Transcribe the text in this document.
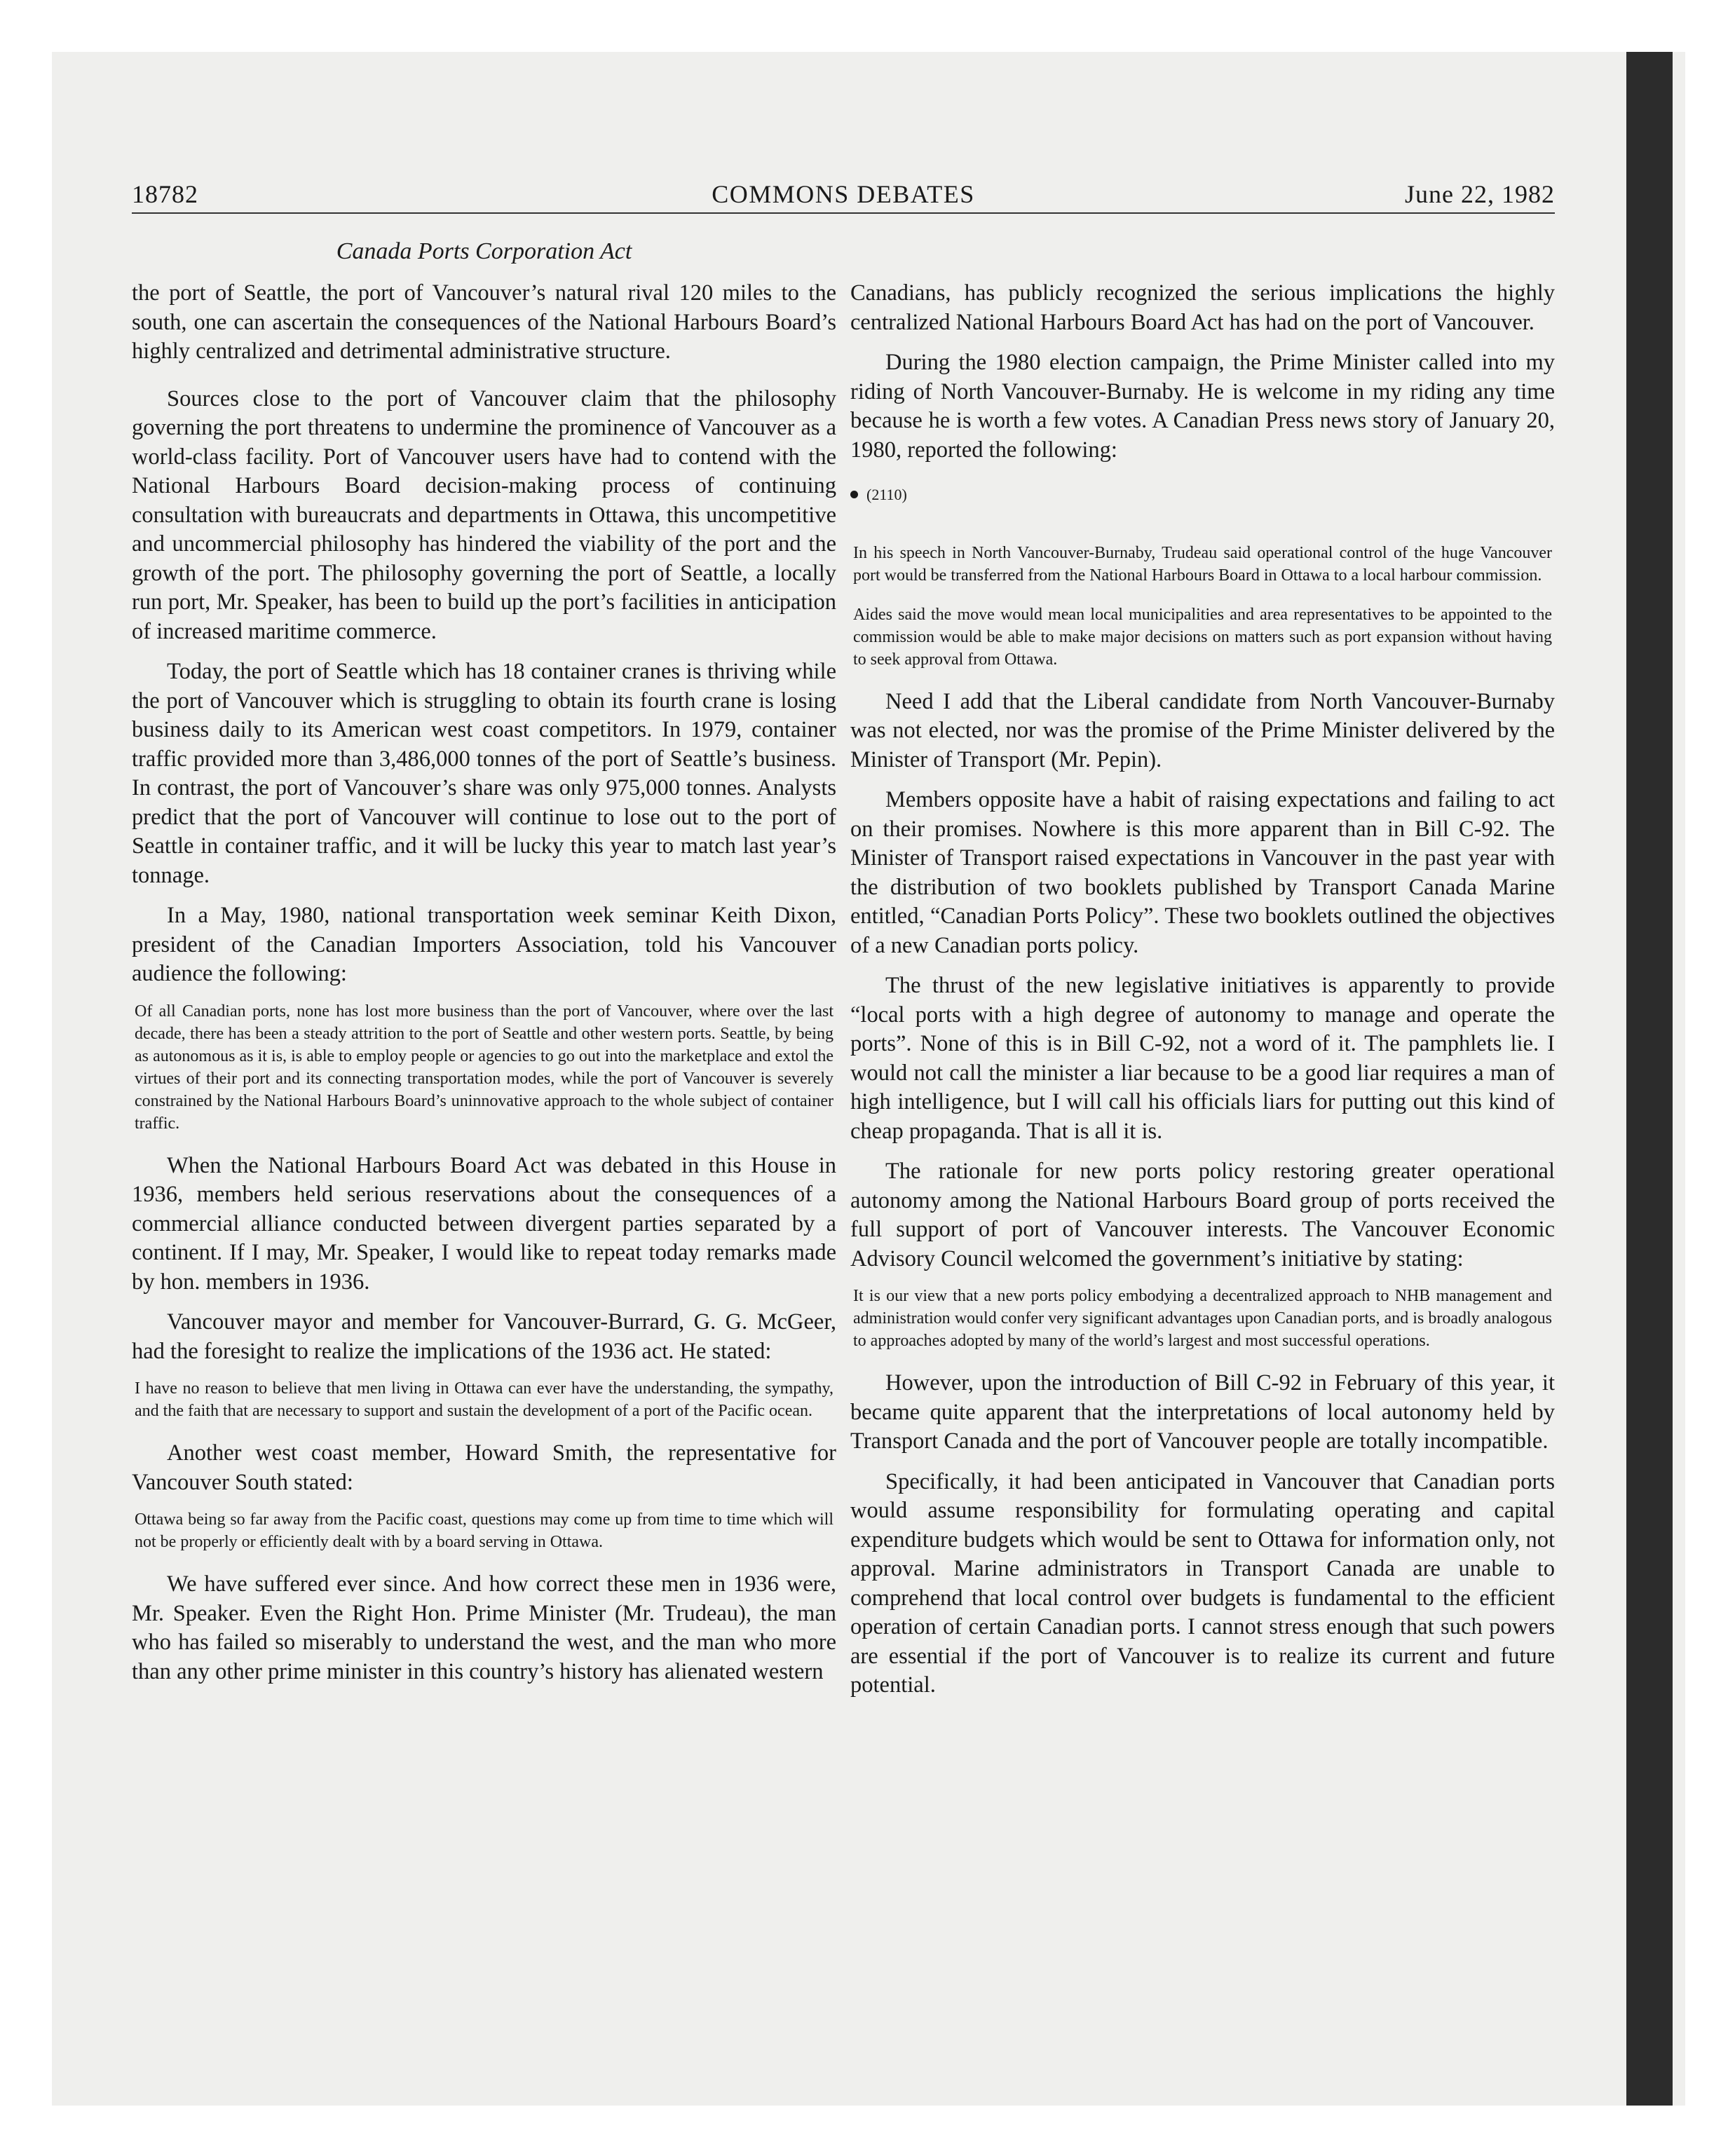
18782	COMMONS DEBATES	June 22, 1982
Canada Ports Corporation Act

the port of Seattle, the port of Vancouver’s natural rival 120 miles to the south, one can ascertain the consequences of the National Harbours Board’s highly centralized and detrimental administrative structure.

Sources close to the port of Vancouver claim that the philosophy governing the port threatens to undermine the prominence of Vancouver as a world-class facility. Port of Vancouver users have had to contend with the National Harbours Board decision-making process of continuing consultation with bureaucrats and departments in Ottawa, this uncompetitive and uncommercial philosophy has hindered the viability of the port and the growth of the port. The philosophy governing the port of Seattle, a locally run port, Mr. Speaker, has been to build up the port’s facilities in anticipation of increased maritime commerce.

Today, the port of Seattle which has 18 container cranes is thriving while the port of Vancouver which is struggling to obtain its fourth crane is losing business daily to its American west coast competitors. In 1979, container traffic provided more than 3,486,000 tonnes of the port of Seattle’s business. In contrast, the port of Vancouver’s share was only 975,000 tonnes. Analysts predict that the port of Vancouver will continue to lose out to the port of Seattle in container traffic, and it will be lucky this year to match last year’s tonnage.

In a May, 1980, national transportation week seminar Keith Dixon, president of the Canadian Importers Association, told his Vancouver audience the following:

Of all Canadian ports, none has lost more business than the port of Vancouver, where over the last decade, there has been a steady attrition to the port of Seattle and other western ports. Seattle, by being as autonomous as it is, is able to employ people or agencies to go out into the marketplace and extol the virtues of their port and its connecting transportation modes, while the port of Vancouver is severely constrained by the National Harbours Board’s uninnovative approach to the whole subject of container traffic.

When the National Harbours Board Act was debated in this House in 1936, members held serious reservations about the consequences of a commercial alliance conducted between divergent parties separated by a continent. If I may, Mr. Speaker, I would like to repeat today remarks made by hon. members in 1936.

Vancouver mayor and member for Vancouver-Burrard, G. G. McGeer, had the foresight to realize the implications of the 1936 act. He stated:

I have no reason to believe that men living in Ottawa can ever have the understanding, the sympathy, and the faith that are necessary to support and sustain the development of a port of the Pacific ocean.

Another west coast member, Howard Smith, the representative for Vancouver South stated:

Ottawa being so far away from the Pacific coast, questions may come up from time to time which will not be properly or efficiently dealt with by a board serving in Ottawa.

We have suffered ever since. And how correct these men in 1936 were, Mr. Speaker. Even the Right Hon. Prime Minister (Mr. Trudeau), the man who has failed so miserably to understand the west, and the man who more than any other prime minister in this country’s history has alienated western

Canadians, has publicly recognized the serious implications the highly centralized National Harbours Board Act has had on the port of Vancouver.

During the 1980 election campaign, the Prime Minister called into my riding of North Vancouver-Burnaby. He is welcome in my riding any time because he is worth a few votes. A Canadian Press news story of January 20, 1980, reported the following:

(2110)

In his speech in North Vancouver-Burnaby, Trudeau said operational control of the huge Vancouver port would be transferred from the National Harbours Board in Ottawa to a local harbour commission.

Aides said the move would mean local municipalities and area representatives to be appointed to the commission would be able to make major decisions on matters such as port expansion without having to seek approval from Ottawa.

Need I add that the Liberal candidate from North Vancouver-Burnaby was not elected, nor was the promise of the Prime Minister delivered by the Minister of Transport (Mr. Pepin).

Members opposite have a habit of raising expectations and failing to act on their promises. Nowhere is this more apparent than in Bill C-92. The Minister of Transport raised expectations in Vancouver in the past year with the distribution of two booklets published by Transport Canada Marine entitled, “Canadian Ports Policy”. These two booklets outlined the objectives of a new Canadian ports policy.

The thrust of the new legislative initiatives is apparently to provide “local ports with a high degree of autonomy to manage and operate the ports”. None of this is in Bill C-92, not a word of it. The pamphlets lie. I would not call the minister a liar because to be a good liar requires a man of high intelligence, but I will call his officials liars for putting out this kind of cheap propaganda. That is all it is.

The rationale for new ports policy restoring greater operational autonomy among the National Harbours Board group of ports received the full support of port of Vancouver interests. The Vancouver Economic Advisory Council welcomed the government’s initiative by stating:

It is our view that a new ports policy embodying a decentralized approach to NHB management and administration would confer very significant advantages upon Canadian ports, and is broadly analogous to approaches adopted by many of the world’s largest and most successful operations.

However, upon the introduction of Bill C-92 in February of this year, it became quite apparent that the interpretations of local autonomy held by Transport Canada and the port of Vancouver people are totally incompatible.

Specifically, it had been anticipated in Vancouver that Canadian ports would assume responsibility for formulating operating and capital expenditure budgets which would be sent to Ottawa for information only, not approval. Marine administrators in Transport Canada are unable to comprehend that local control over budgets is fundamental to the efficient operation of certain Canadian ports. I cannot stress enough that such powers are essential if the port of Vancouver is to realize its current and future potential.
